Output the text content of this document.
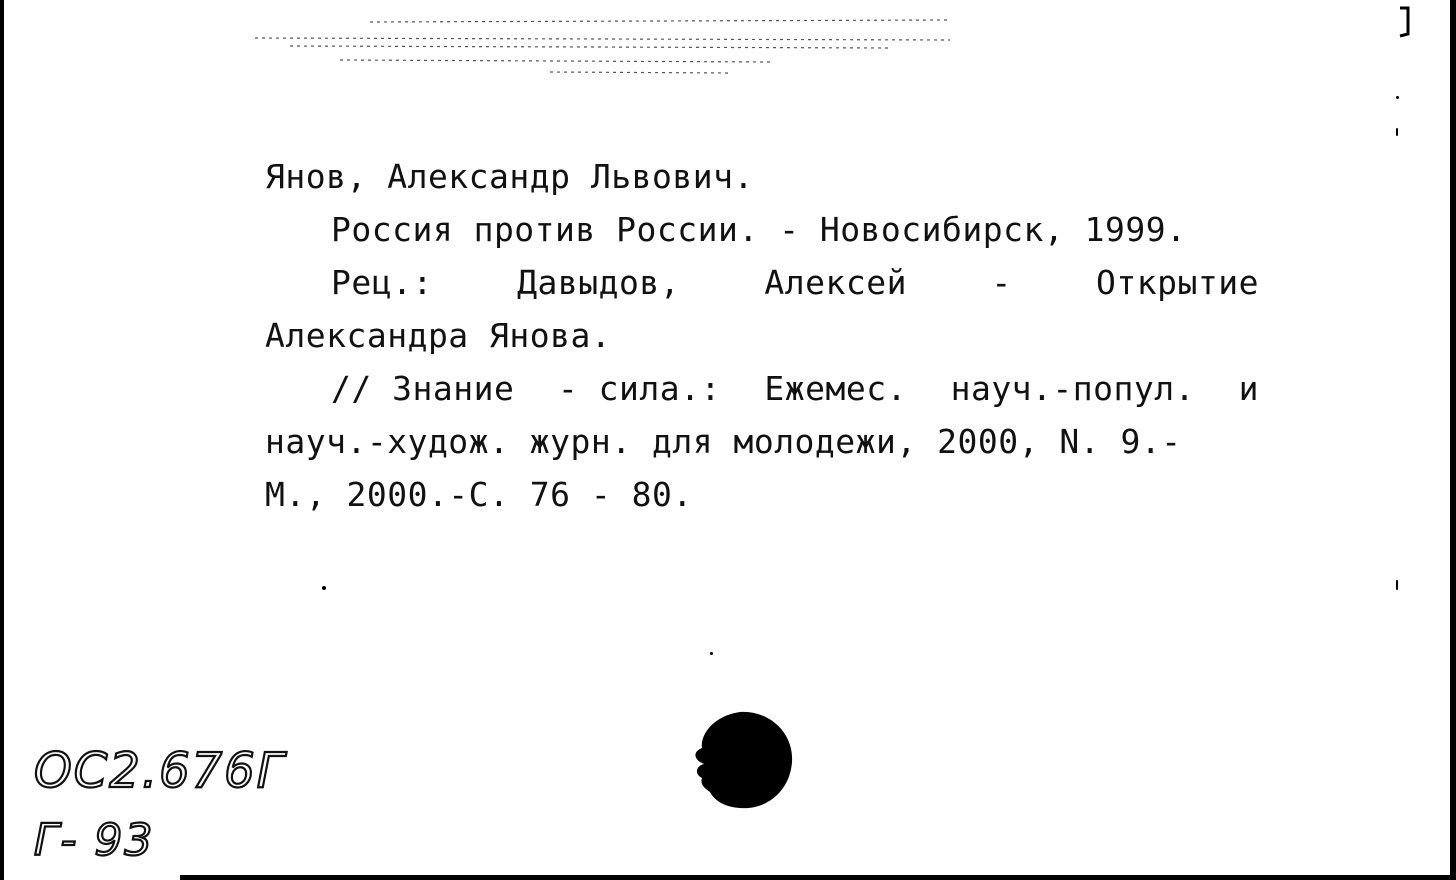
Янов, Александр Львович.
Россия против России. - Новосибирск, 1999.
Рец.:	Давыдов,	Алексей	-	Открытие
Александра Янова.
// Знание - сила.: Ежемес. науч.-попул. и
науч.-худож. журн. для молодежи, 2000, N. 9.-
М., 2000.-С. 76 - 80.
ОС2.676Г
Г- 93
